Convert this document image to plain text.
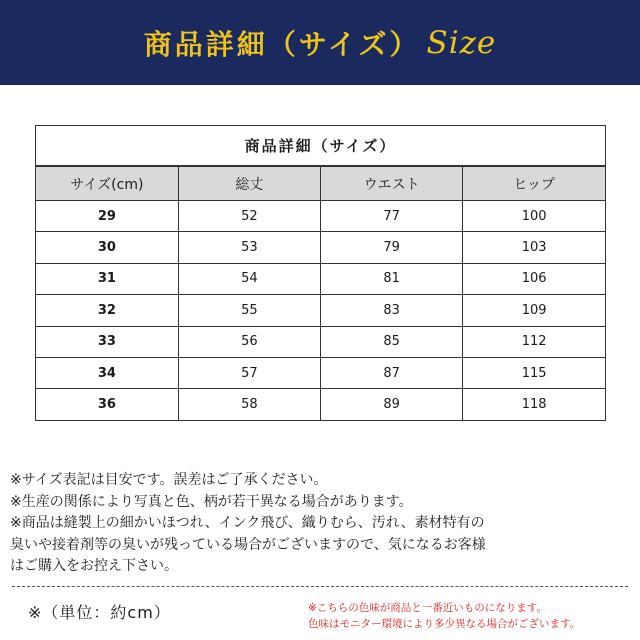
商品詳細（サイズ） Size
商品詳細（サイズ）
サイズ(cm)	総丈	ウエスト	ヒップ
29	52	77	100
30	53	79	103
31	54	81	106
32	55	83	109
33	56	85	112
34	57	87	115
36	58	89	118

※サイズ表記は目安です。誤差はご了承ください。

※生産の関係により写真と色、柄が若干異なる場合があります。

※商品は縫製上の細かいほつれ、インク飛び、織りむら、汚れ、素材特有の

臭いや接着剤等の臭いが残っている場合がございますので、気になるお客様

はご購入をお控え下さい。

※（単位：約cm）	※こちらの色味が商品と一番近いものになります。
色味はモニター環境により多少異なる場合がございます。
